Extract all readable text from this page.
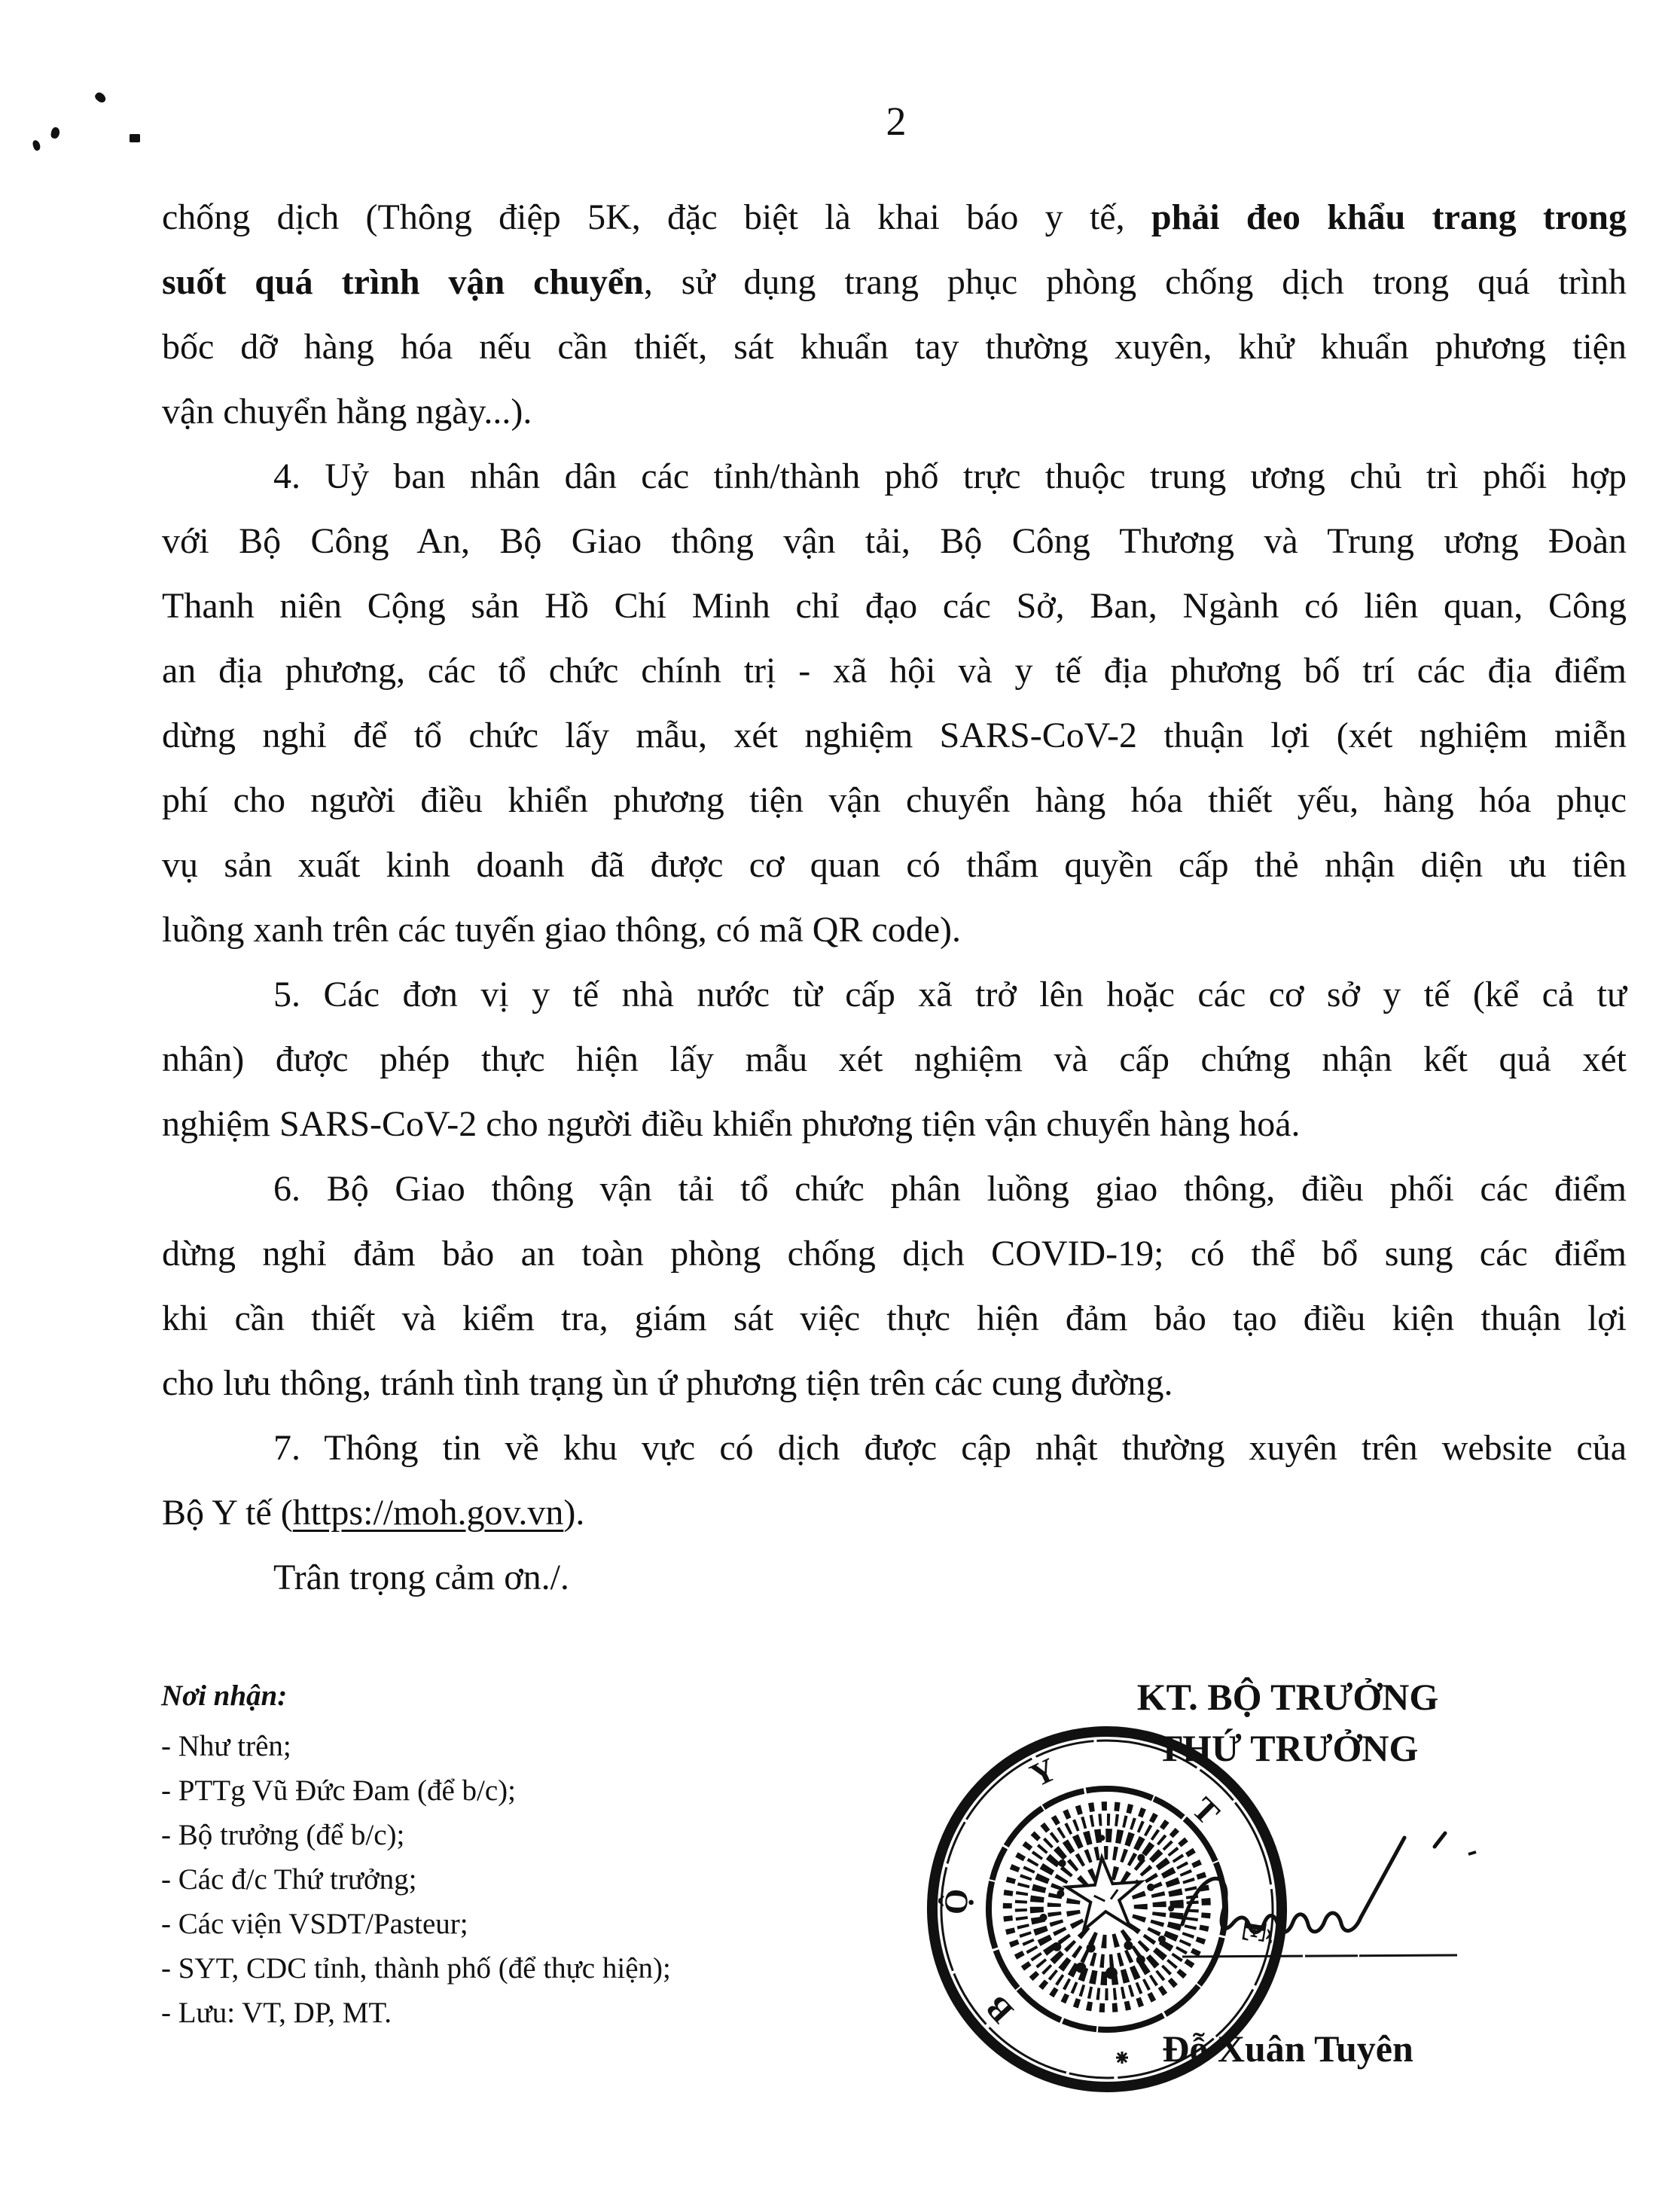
2
chống dịch (Thông điệp 5K, đặc biệt là khai báo y tế, phải đeo khẩu trang trong
suốt quá trình vận chuyển, sử dụng trang phục phòng chống dịch trong quá trình
bốc dỡ hàng hóa nếu cần thiết, sát khuẩn tay thường xuyên, khử khuẩn phương tiện
vận chuyển hằng ngày...).
4. Uỷ ban nhân dân các tỉnh/thành phố trực thuộc trung ương chủ trì phối hợp
với Bộ Công An, Bộ Giao thông vận tải, Bộ Công Thương và Trung ương Đoàn
Thanh niên Cộng sản Hồ Chí Minh chỉ đạo các Sở, Ban, Ngành có liên quan, Công
an địa phương, các tổ chức chính trị - xã hội và y tế địa phương bố trí các địa điểm
dừng nghỉ để tổ chức lấy mẫu, xét nghiệm SARS-CoV-2 thuận lợi (xét nghiệm miễn
phí cho người điều khiển phương tiện vận chuyển hàng hóa thiết yếu, hàng hóa phục
vụ sản xuất kinh doanh đã được cơ quan có thẩm quyền cấp thẻ nhận diện ưu tiên
luồng xanh trên các tuyến giao thông, có mã QR code).
5. Các đơn vị y tế nhà nước từ cấp xã trở lên hoặc các cơ sở y tế (kể cả tư
nhân) được phép thực hiện lấy mẫu xét nghiệm và cấp chứng nhận kết quả xét
nghiệm SARS-CoV-2 cho người điều khiển phương tiện vận chuyển hàng hoá.
6. Bộ Giao thông vận tải tổ chức phân luồng giao thông, điều phối các điểm
dừng nghỉ đảm bảo an toàn phòng chống dịch COVID-19; có thể bổ sung các điểm
khi cần thiết và kiểm tra, giám sát việc thực hiện đảm bảo tạo điều kiện thuận lợi
cho lưu thông, tránh tình trạng ùn ứ phương tiện trên các cung đường.
7. Thông tin về khu vực có dịch được cập nhật thường xuyên trên website của
Bộ Y tế (https://moh.gov.vn).
Trân trọng cảm ơn./.
Nơi nhận:
- Như trên;
- PTTg Vũ Đức Đam (để b/c);
- Bộ trưởng (để b/c);
- Các đ/c Thứ trưởng;
- Các viện VSDT/Pasteur;
- SYT, CDC tỉnh, thành phố (để thực hiện);
- Lưu: VT, DP, MT.
KT. BỘ TRƯỞNG
THỨ TRƯỞNG
Đỗ Xuân Tuyên
B
Ộ
Y
T
Ế
